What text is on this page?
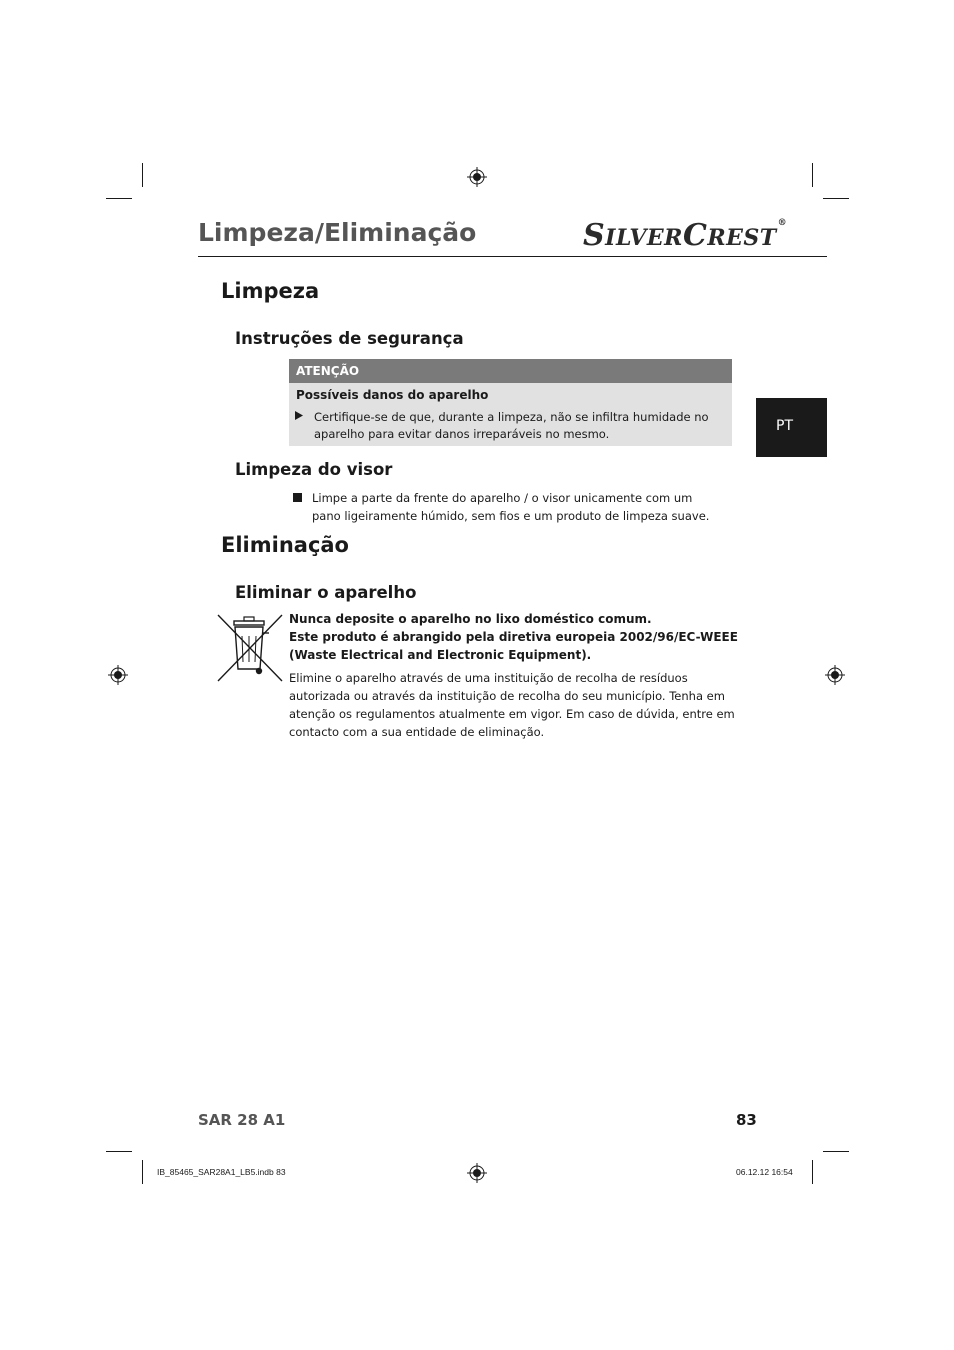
Limpeza/Eliminação	SILVERCREST®
Limpeza
Instruções de segurança
ATENÇÃO
Possíveis danos do aparelho
Certifique-se de que, durante a limpeza, não se infiltra humidade no aparelho para evitar danos irreparáveis no mesmo.	PT
Limpeza do visor
Limpe a parte da frente do aparelho / o visor unicamente com um pano ligeiramente húmido, sem fios e um produto de limpeza suave.
Eliminação
Eliminar o aparelho
Nunca deposite o aparelho no lixo doméstico comum.
Este produto é abrangido pela diretiva europeia 2002/96/EC-WEEE
(Waste Electrical and Electronic Equipment).
Elimine o aparelho através de uma instituição de recolha de resíduos autorizada ou através da instituição de recolha do seu município. Tenha em atenção os regulamentos atualmente em vigor. Em caso de dúvida, entre em contacto com a sua entidade de eliminação.
SAR 28 A1	83
IB_85465_SAR28A1_LB5.indb 83	06.12.12 16:54
